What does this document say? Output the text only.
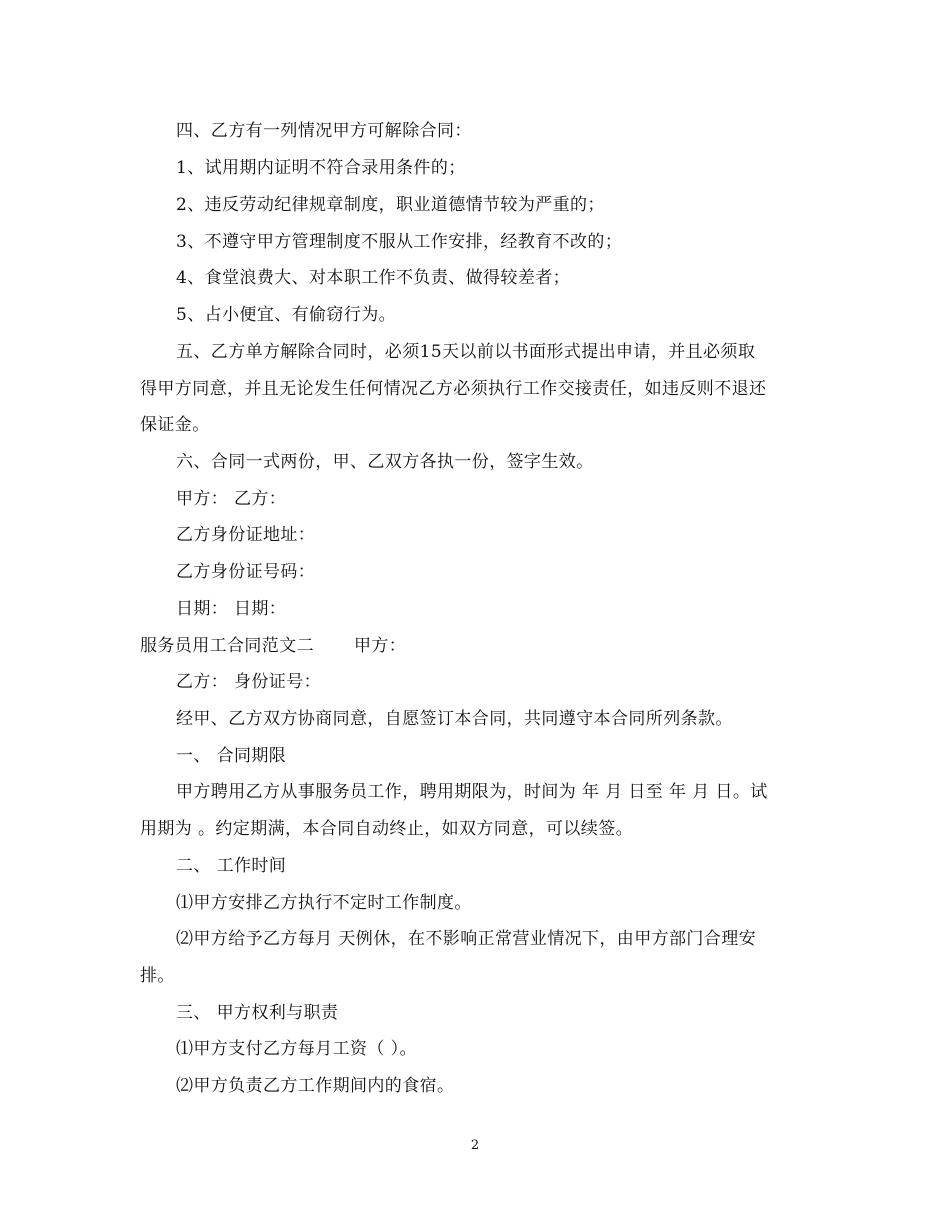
四、乙方有一列情况甲方可解除合同：
1、试用期内证明不符合录用条件的；
2、违反劳动纪律规章制度，职业道德情节较为严重的；
3、不遵守甲方管理制度不服从工作安排，经教育不改的；
4、食堂浪费大、对本职工作不负责、做得较差者；
5、占小便宜、有偷窃行为。
五、乙方单方解除合同时，必须15天以前以书面形式提出申请，并且必须取
得甲方同意，并且无论发生任何情况乙方必须执行工作交接责任，如违反则不退还
保证金。
六、合同一式两份，甲、乙双方各执一份，签字生效。
甲方： 乙方：
乙方身份证地址：
乙方身份证号码：
日期： 日期：
服务员用工合同范文二 甲方：
乙方： 身份证号：
经甲、乙方双方协商同意，自愿签订本合同，共同遵守本合同所列条款。
一、 合同期限
甲方聘用乙方从事服务员工作，聘用期限为，时间为 年 月 日至 年 月 日。试
用期为 。约定期满，本合同自动终止，如双方同意，可以续签。
二、 工作时间
⑴甲方安排乙方执行不定时工作制度。
⑵甲方给予乙方每月 天例休，在不影响正常营业情况下，由甲方部门合理安
排。
三、 甲方权利与职责
⑴甲方支付乙方每月工资（ ）。
⑵甲方负责乙方工作期间内的食宿。
2
